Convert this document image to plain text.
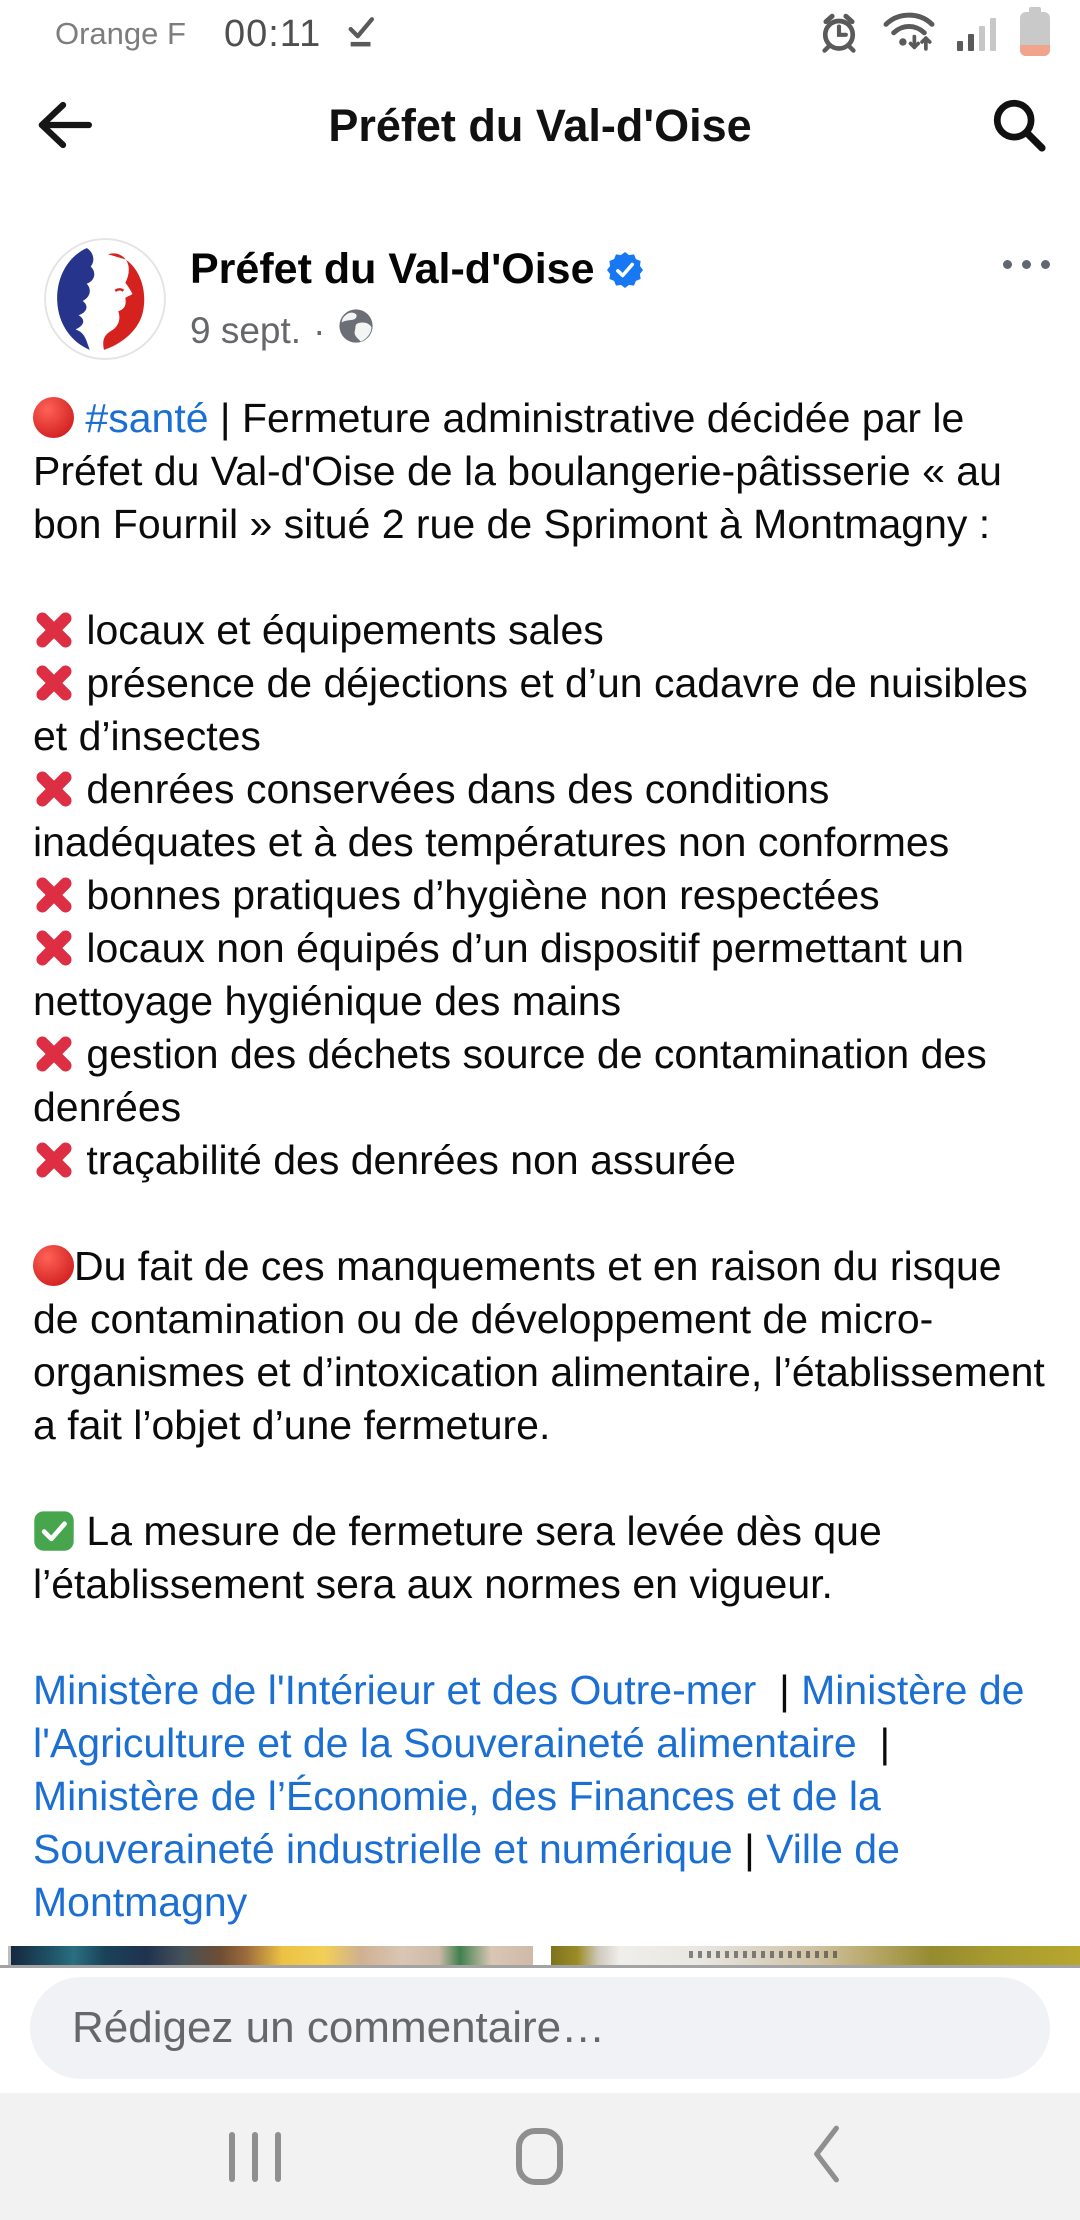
Orange F 00:11
Préfet du Val-d'Oise
Préfet du Val-d'Oise
9 sept. ·
#santé | Fermeture administrative décidée par le Préfet du Val-d'Oise de la boulangerie-pâtisserie « au bon Fournil » situé 2 rue de Sprimont à Montmagny :
locaux et équipements sales
présence de déjections et d’un cadavre de nuisibles et d’insectes
denrées conservées dans des conditions inadéquates et à des températures non conformes
bonnes pratiques d’hygiène non respectées
locaux non équipés d’un dispositif permettant un nettoyage hygiénique des mains
gestion des déchets source de contamination des denrées
traçabilité des denrées non assurée
Du fait de ces manquements et en raison du risque de contamination ou de développement de micro-organismes et d’intoxication alimentaire, l’établissement a fait l’objet d’une fermeture.
La mesure de fermeture sera levée dès que l’établissement sera aux normes en vigueur.
Ministère de l'Intérieur et des Outre-mer  | Ministère de l'Agriculture et de la Souveraineté alimentaire  | Ministère de l’Économie, des Finances et de la Souveraineté industrielle et numérique | Ville de Montmagny
Rédigez un commentaire…
